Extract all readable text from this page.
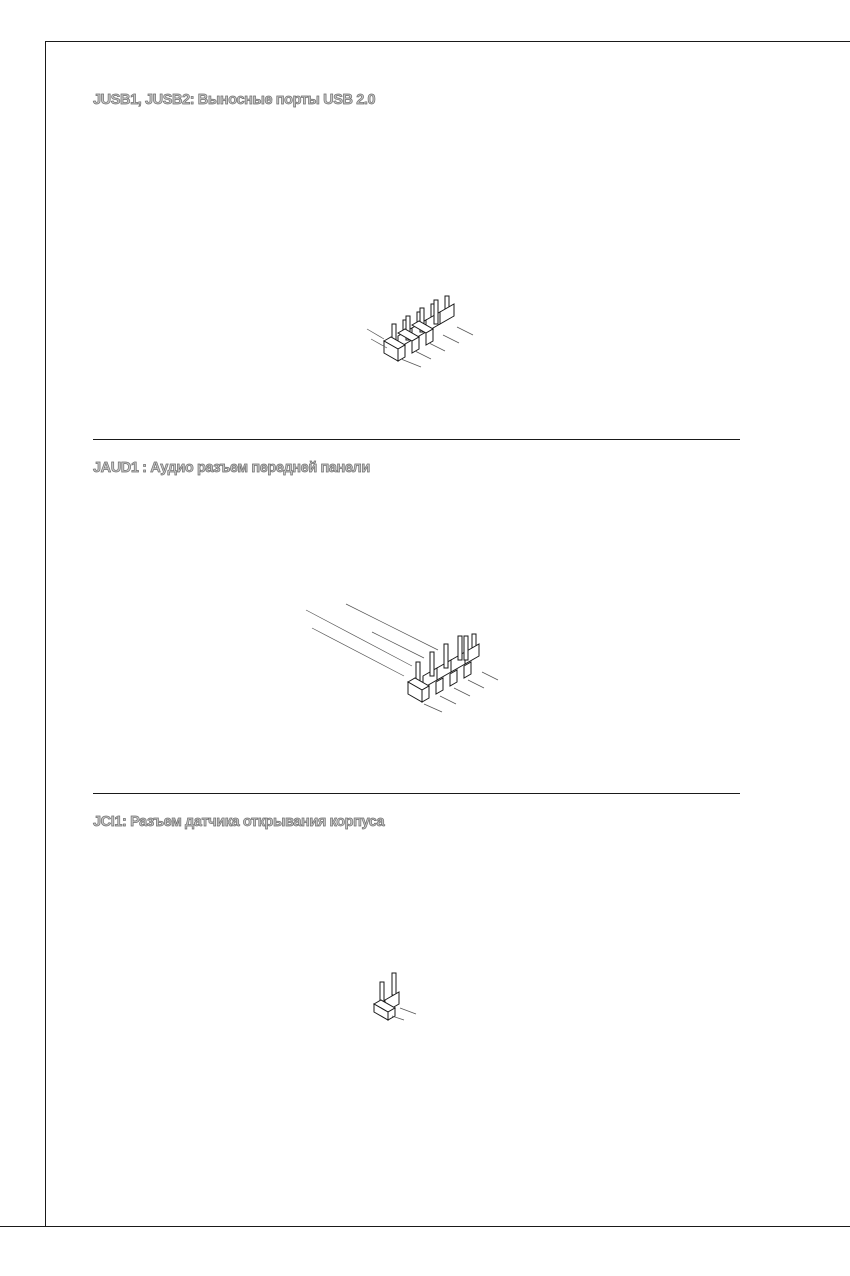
JUSB1, JUSB2: Выносные порты USB 2.0
JAUD1 : Аудио разъем передней панели
JCI1: Разъем датчика открывания корпуса
